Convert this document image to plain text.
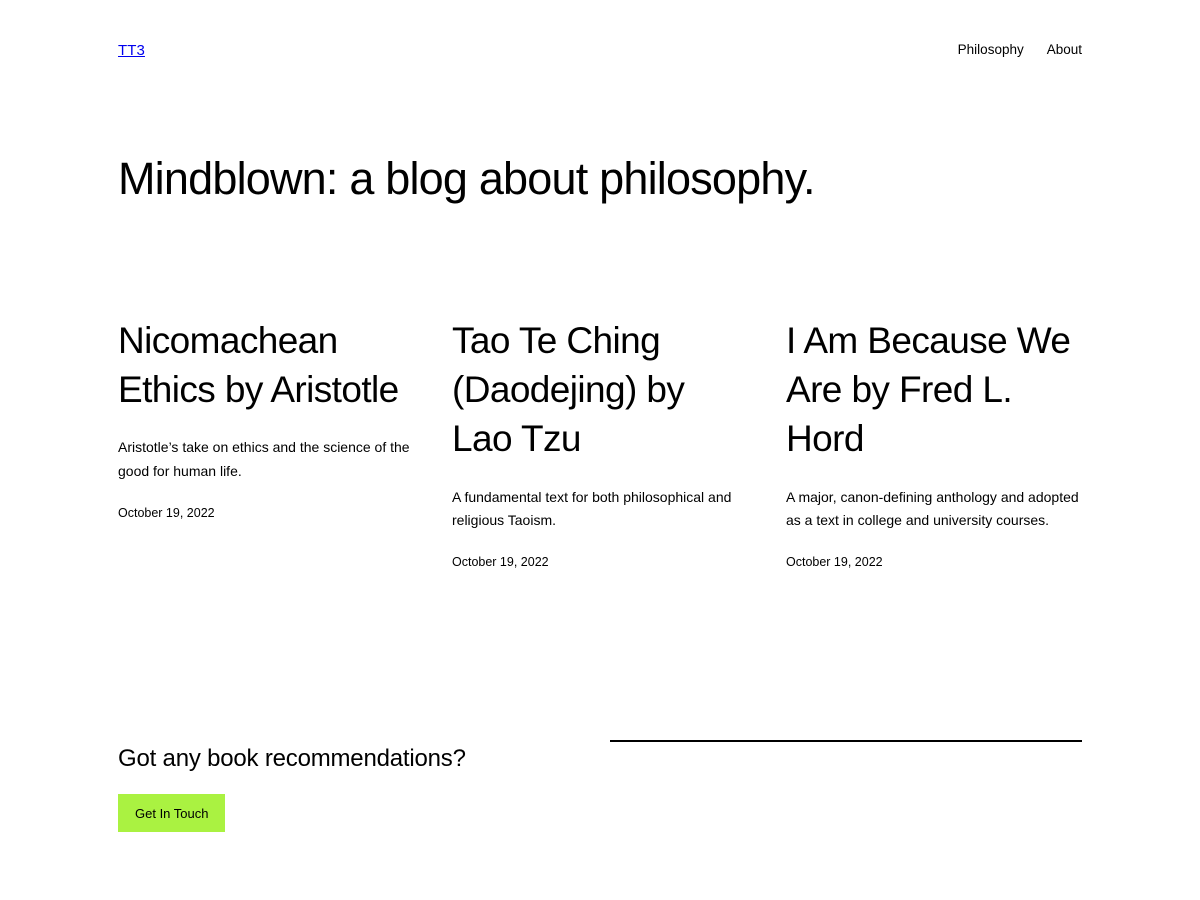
TT3	Philosophy About
Mindblown: a blog about philosophy.
Nicomachean Ethics by Aristotle

Aristotle’s take on ethics and the science of the good for human life.

October 19, 2022
Tao Te Ching (Daodejing) by Lao Tzu

A fundamental text for both philosophical and religious Taoism.

October 19, 2022
I Am Because We Are by Fred L. Hord

A major, canon-defining anthology and adopted as a text in college and university courses.

October 19, 2022
Got any book recommendations?
Get In Touch
